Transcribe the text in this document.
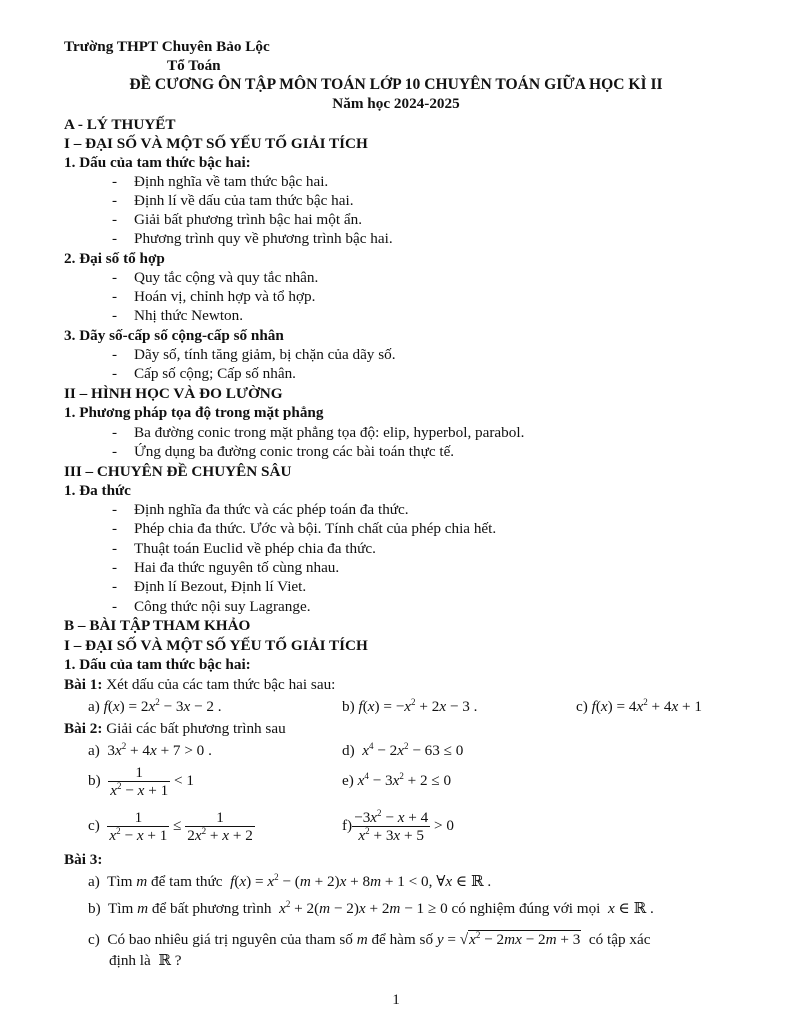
Trường THPT Chuyên Bảo Lộc
Tổ Toán
ĐỀ CƯƠNG ÔN TẬP MÔN TOÁN LỚP 10 CHUYÊN TOÁN GIỮA HỌC KÌ II
Năm học 2024-2025
A - LÝ THUYẾT
I – ĐẠI SỐ VÀ MỘT SỐ YẾU TỐ GIẢI TÍCH
1. Dấu của tam thức bậc hai:
- Định nghĩa về tam thức bậc hai.
- Định lí về dấu của tam thức bậc hai.
- Giải bất phương trình bậc hai một ẩn.
- Phương trình quy về phương trình bậc hai.
2. Đại số tổ hợp
- Quy tắc cộng và quy tắc nhân.
- Hoán vị, chỉnh hợp và tổ hợp.
- Nhị thức Newton.
3. Dãy số-cấp số cộng-cấp số nhân
- Dãy số, tính tăng giảm, bị chặn của dãy số.
- Cấp số cộng; Cấp số nhân.
II – HÌNH HỌC VÀ ĐO LƯỜNG
1. Phương pháp tọa độ trong mặt phẳng
- Ba đường conic trong mặt phẳng tọa độ: elip, hyperbol, parabol.
- Ứng dụng ba đường conic trong các bài toán thực tế.
III – CHUYÊN ĐỀ CHUYÊN SÂU
1. Đa thức
- Định nghĩa đa thức và các phép toán đa thức.
- Phép chia đa thức. Ước và bội. Tính chất của phép chia hết.
- Thuật toán Euclid về phép chia đa thức.
- Hai đa thức nguyên tố cùng nhau.
- Định lí Bezout, Định lí Viet.
- Công thức nội suy Lagrange.
B – BÀI TẬP THAM KHẢO
I – ĐẠI SỐ VÀ MỘT SỐ YẾU TỐ GIẢI TÍCH
1. Dấu của tam thức bậc hai:
Bài 1: Xét dấu của các tam thức bậc hai sau:
a) $f(x) = 2x^2 - 3x - 2$ .	b) $f(x) = -x^2 + 2x - 3$ .	c) $f(x) = 4x^2 + 4x + 1$
Bài 2: Giải các bất phương trình sau
a)  $3x^2 + 4x + 7 > 0$ .	d)  $x^4 - 2x^2 - 63 \le 0$
$b) \frac{1}{x^2 - x + 1} < 1$	e) $x^4 - 3x^2 + 2 \le 0$
$c) \frac{1}{x^2 - x + 1} \le \frac{1}{2x^2 + x + 2}$	$f) \frac{-3x^2 - x + 4}{x^2 + 3x + 5} > 0$
Bài 3:
a)  Tìm m để tam thức $f(x) = x^2 - (m + 2)x + 8m + 1 < 0$, ∀x ∈ ℝ .
b)  Tìm m để bất phương trình $x^2 + 2(m - 2)x + 2m - 1 \ge 0$ có nghiệm đúng với mọi x ∈ ℝ .
c)  Có bao nhiêu giá trị nguyên của tham số m để hàm số $y = √x^2 - 2mx - 2m + 3$ có tập xác
định là  ℝ ?
1
